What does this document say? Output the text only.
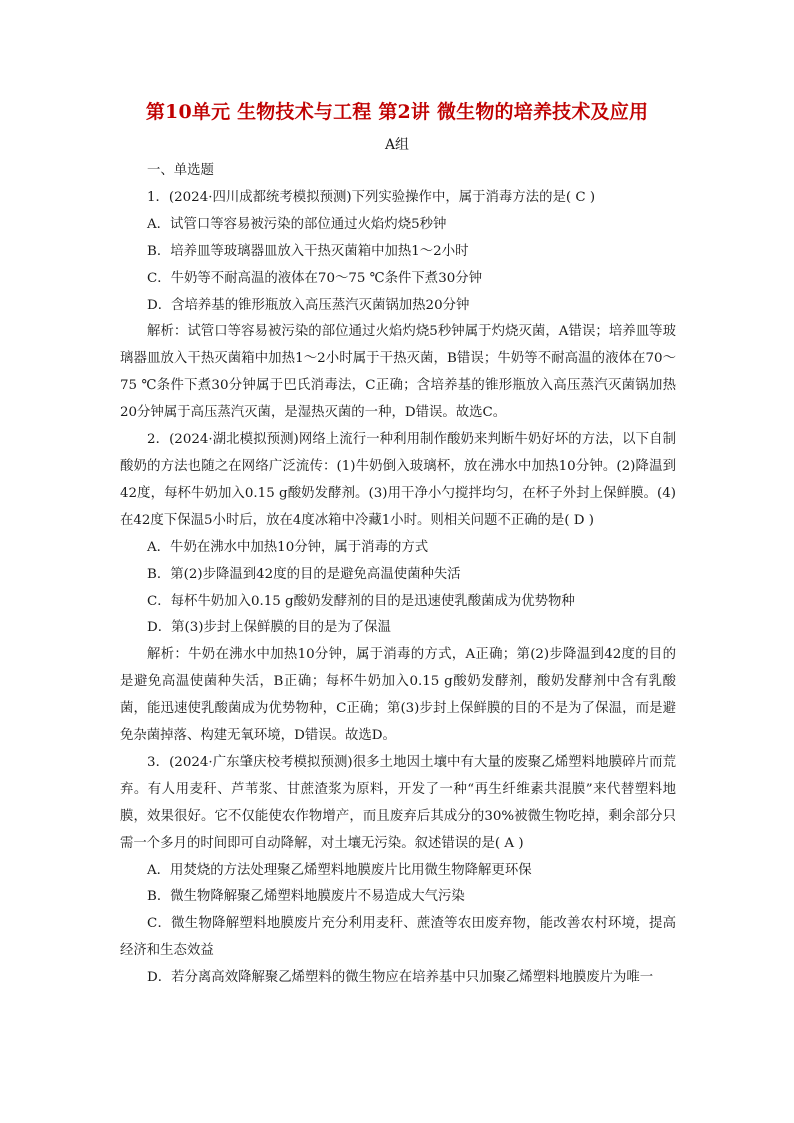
第10单元 生物技术与工程 第2讲 微生物的培养技术及应用
A组

一、单选题

1．(2024·四川成都统考模拟预测)下列实验操作中，属于消毒方法的是( C )

A．试管口等容易被污染的部位通过火焰灼烧5秒钟

B．培养皿等玻璃器皿放入干热灭菌箱中加热1～2小时

C．牛奶等不耐高温的液体在70～75 ℃条件下煮30分钟

D．含培养基的锥形瓶放入高压蒸汽灭菌锅加热20分钟

解析：试管口等容易被污染的部位通过火焰灼烧5秒钟属于灼烧灭菌，A错误；培养皿等玻璃器皿放入干热灭菌箱中加热1～2小时属于干热灭菌，B错误；牛奶等不耐高温的液体在70～75 ℃条件下煮30分钟属于巴氏消毒法，C正确；含培养基的锥形瓶放入高压蒸汽灭菌锅加热20分钟属于高压蒸汽灭菌，是湿热灭菌的一种，D错误。故选C。

2．(2024·湖北模拟预测)网络上流行一种利用制作酸奶来判断牛奶好坏的方法，以下自制酸奶的方法也随之在网络广泛流传：(1)牛奶倒入玻璃杯，放在沸水中加热10分钟。(2)降温到42度，每杯牛奶加入0.15 g酸奶发酵剂。(3)用干净小勺搅拌均匀，在杯子外封上保鲜膜。(4)在42度下保温5小时后，放在4度冰箱中冷藏1小时。则相关问题不正确的是( D )

A．牛奶在沸水中加热10分钟，属于消毒的方式

B．第(2)步降温到42度的目的是避免高温使菌种失活

C．每杯牛奶加入0.15 g酸奶发酵剂的目的是迅速使乳酸菌成为优势物种

D．第(3)步封上保鲜膜的目的是为了保温

解析：牛奶在沸水中加热10分钟，属于消毒的方式，A正确；第(2)步降温到42度的目的是避免高温使菌种失活，B正确；每杯牛奶加入0.15 g酸奶发酵剂，酸奶发酵剂中含有乳酸菌，能迅速使乳酸菌成为优势物种，C正确；第(3)步封上保鲜膜的目的不是为了保温，而是避免杂菌掉落、构建无氧环境，D错误。故选D。

3．(2024·广东肇庆校考模拟预测)很多土地因土壤中有大量的废聚乙烯塑料地膜碎片而荒弃。有人用麦秆、芦苇浆、甘蔗渣浆为原料，开发了一种“再生纤维素共混膜”来代替塑料地膜，效果很好。它不仅能使农作物增产，而且废弃后其成分的30%被微生物吃掉，剩余部分只需一个多月的时间即可自动降解，对土壤无污染。叙述错误的是( A )

A．用焚烧的方法处理聚乙烯塑料地膜废片比用微生物降解更环保

B．微生物降解聚乙烯塑料地膜废片不易造成大气污染

C．微生物降解塑料地膜废片充分利用麦秆、蔗渣等农田废弃物，能改善农村环境，提高经济和生态效益

D．若分离高效降解聚乙烯塑料的微生物应在培养基中只加聚乙烯塑料地膜废片为唯一
